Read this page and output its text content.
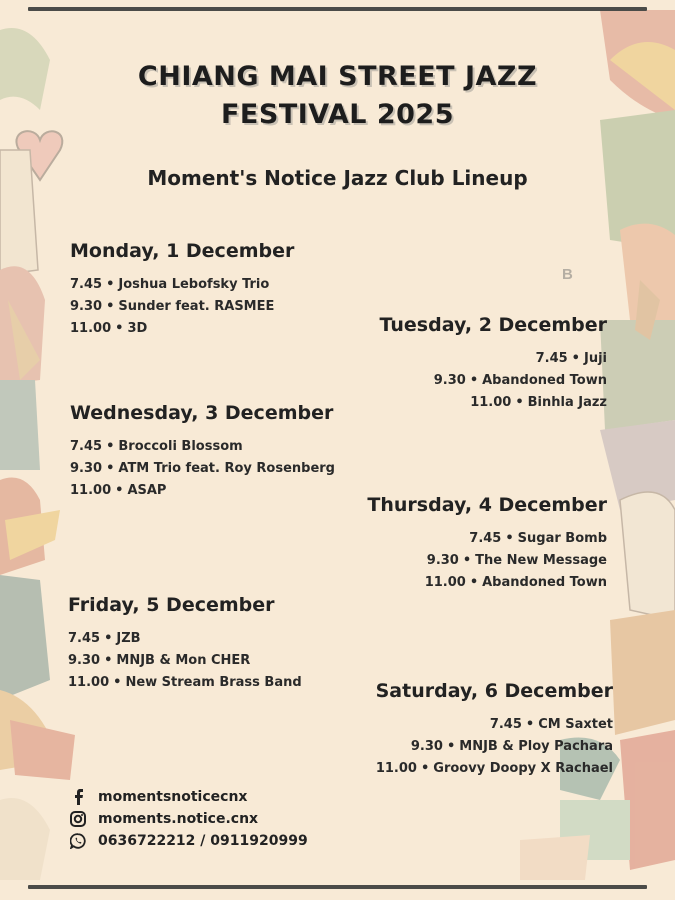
B
CHIANG MAI STREET JAZZ
FESTIVAL 2025
Moment's Notice Jazz Club Lineup
Monday, 1 December
7.45 • Joshua Lebofsky Trio
9.30 • Sunder feat. RASMEE
11.00 • 3D	Tuesday, 2 December
7.45 • Juji
9.30 • Abandoned Town
11.00 • Binhla Jazz
Wednesday, 3 December
7.45 • Broccoli Blossom
9.30 • ATM Trio feat. Roy Rosenberg
11.00 • ASAP
Thursday, 4 December
7.45 • Sugar Bomb
9.30 • The New Message
11.00 • Abandoned Town
Friday, 5 December
7.45 • JZB
9.30 • MNJB & Mon CHER
11.00 • New Stream Brass Band	Saturday, 6 December
7.45 • CM Saxtet
9.30 • MNJB & Ploy Pachara
11.00 • Groovy Doopy X Rachael
momentsnoticecnx
moments.notice.cnx
0636722212 / 0911920999
